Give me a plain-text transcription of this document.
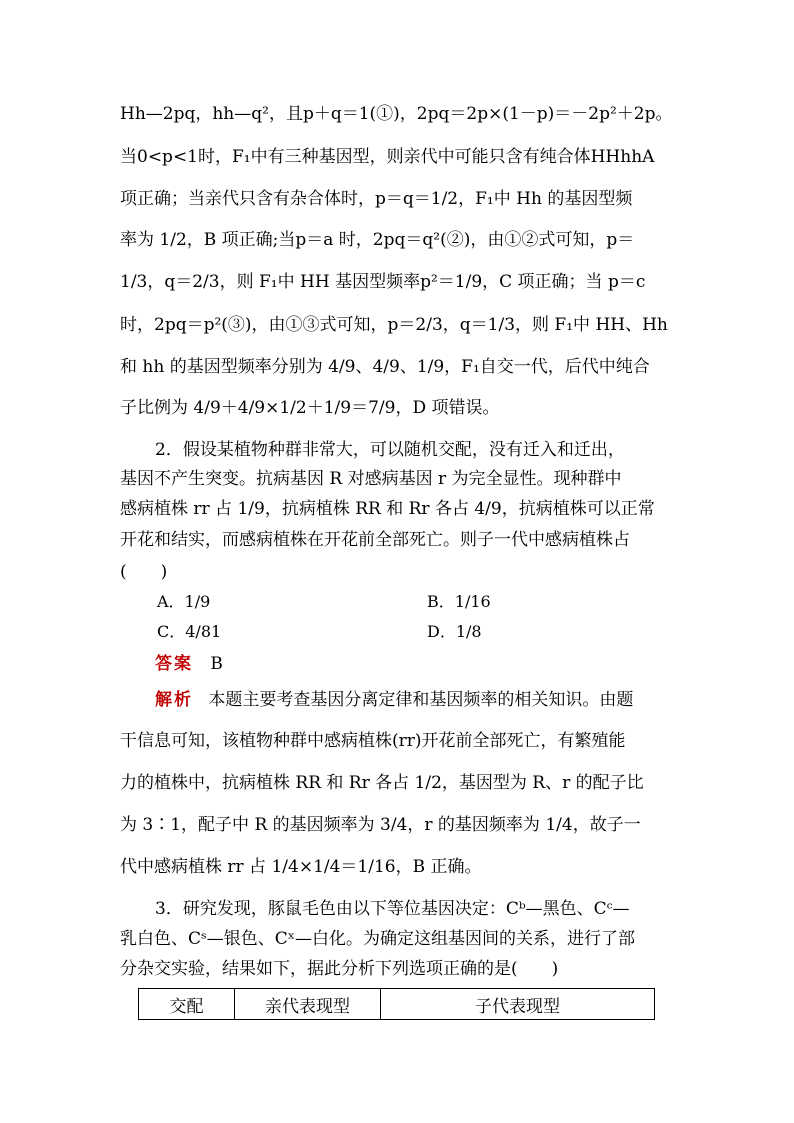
Hh—2pq，hh—q²，且p＋q＝1(①)，2pq＝2p×(1－p)＝－2p²＋2p。
当0<p<1时，F₁中有三种基因型，则亲代中可能只含有纯合体HHhhA
项正确；当亲代只含有杂合体时，p＝q＝1/2，F₁中 Hh 的基因型频
率为 1/2，B 项正确;当p＝a 时，2pq＝q²(②)，由①②式可知，p＝
1/3，q＝2/3，则 F₁中 HH 基因型频率p²＝1/9，C 项正确；当 p＝c
时，2pq＝p²(③)，由①③式可知，p＝2/3，q＝1/3，则 F₁中 HH、Hh
和 hh 的基因型频率分别为 4/9、4/9、1/9，F₁自交一代，后代中纯合
子比例为 4/9＋4/9×1/2＋1/9＝7/9，D 项错误。
2．假设某植物种群非常大，可以随机交配，没有迁入和迁出，
基因不产生突变。抗病基因 R 对感病基因 r 为完全显性。现种群中
感病植株 rr 占 1/9，抗病植株 RR 和 Rr 各占 4/9，抗病植株可以正常
开花和结实，而感病植株在开花前全部死亡。则子一代中感病植株占
(　　)
A．1/9	B．1/16
C．4/81	D．1/8
答案 B
解析 本题主要考查基因分离定律和基因频率的相关知识。由题
干信息可知，该植物种群中感病植株(rr)开花前全部死亡，有繁殖能
力的植株中，抗病植株 RR 和 Rr 各占 1/2，基因型为 R、r 的配子比
为 3∶1，配子中 R 的基因频率为 3/4，r 的基因频率为 1/4，故子一
代中感病植株 rr 占 1/4×1/4＝1/16，B 正确。
3．研究发现，豚鼠毛色由以下等位基因决定：Cᵇ—黑色、Cᶜ—
乳白色、Cˢ—银色、Cˣ—白化。为确定这组基因间的关系，进行了部
分杂交实验，结果如下，据此分析下列选项正确的是(　　)
交配	亲代表现型	子代表现型
